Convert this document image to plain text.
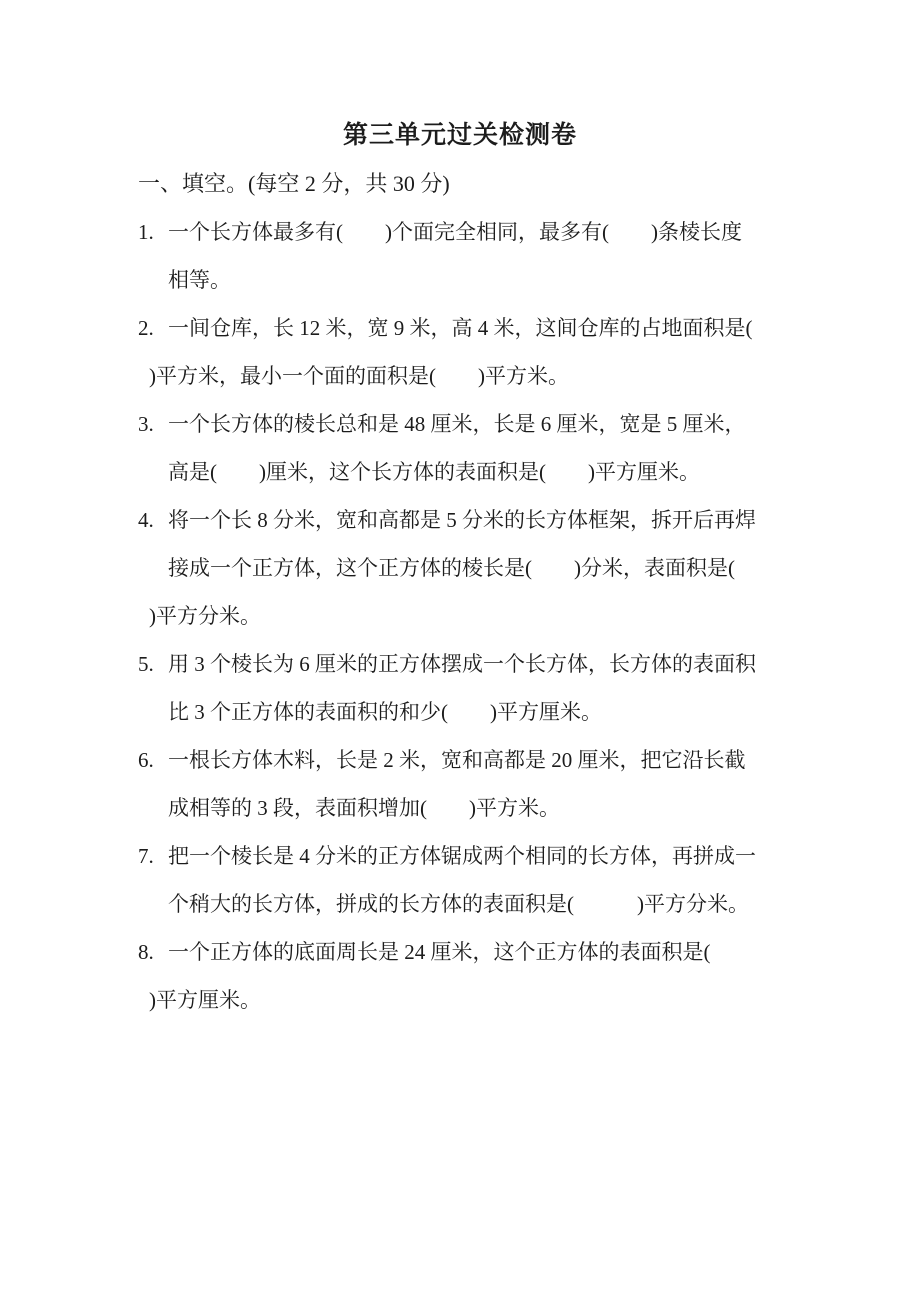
第三单元过关检测卷
一、填空。(每空 2 分，共 30 分)
1. 一个长方体最多有(　　)个面完全相同，最多有(　　)条棱长度
相等。
2. 一间仓库，长 12 米，宽 9 米，高 4 米，这间仓库的占地面积是(
)平方米，最小一个面的面积是(　　)平方米。
3. 一个长方体的棱长总和是 48 厘米，长是 6 厘米，宽是 5 厘米，
高是(　　)厘米，这个长方体的表面积是(　　)平方厘米。
4. 将一个长 8 分米，宽和高都是 5 分米的长方体框架，拆开后再焊
接成一个正方体，这个正方体的棱长是(　　)分米，表面积是(
)平方分米。
5. 用 3 个棱长为 6 厘米的正方体摆成一个长方体，长方体的表面积
比 3 个正方体的表面积的和少(　　)平方厘米。
6. 一根长方体木料，长是 2 米，宽和高都是 20 厘米，把它沿长截
成相等的 3 段，表面积增加(　　)平方米。
7. 把一个棱长是 4 分米的正方体锯成两个相同的长方体，再拼成一
个稍大的长方体，拼成的长方体的表面积是(　　　)平方分米。
8. 一个正方体的底面周长是 24 厘米，这个正方体的表面积是(
)平方厘米。
